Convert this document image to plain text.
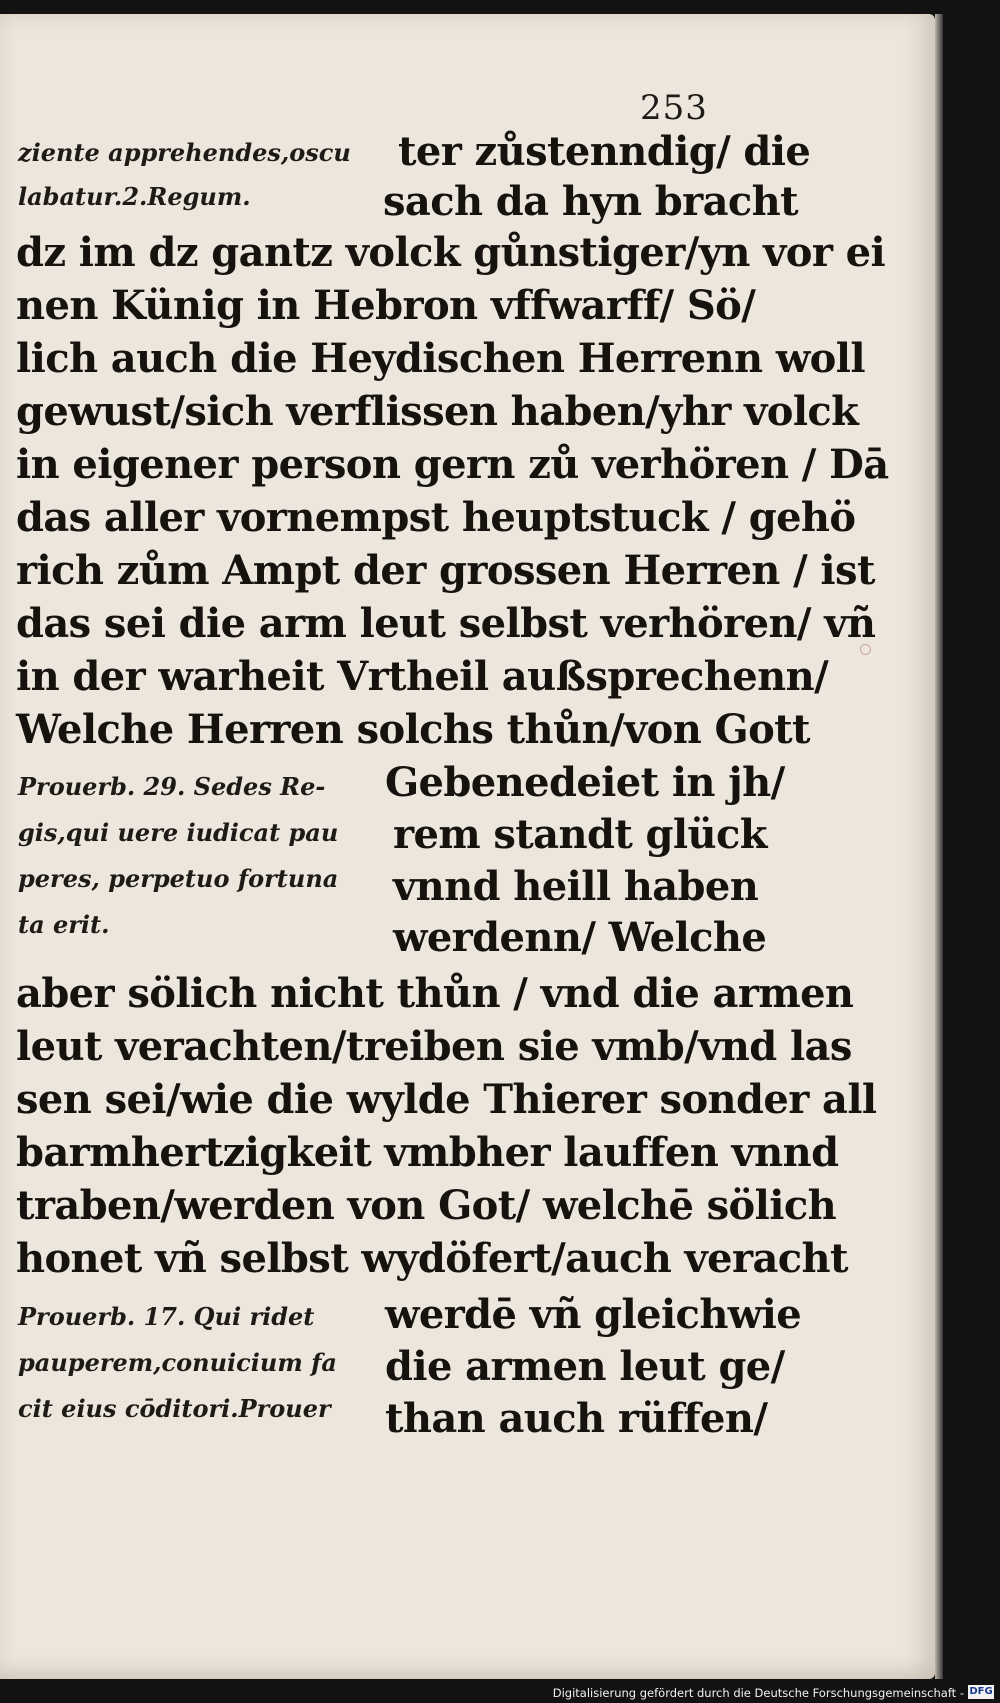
253
ziente apprehendes,oscu
labatur.2.Regum.
ter zůstenndig/ die
sach da hyn bracht
dz im dz gantz volck gůnstiger/yn vor ei
nen Künig in Hebron vffwarff/ Sö/
lich auch die Heydischen Herrenn woll
gewust/sich verflissen haben/yhr volck
in eigener person gern zů verhören / Dā
das aller vornempst heuptstuck / gehö
rich zům Ampt der grossen Herren / ist
das sei die arm leut selbst verhören/ vñ
in der warheit Vrtheil außsprechenn/
Welche Herren solchs thůn/von Gott
Prouerb. 29. Sedes Re-
gis,qui uere iudicat pau
peres, perpetuo fortuna
ta erit.
Gebenedeiet in jh/
rem standt glück
vnnd heill haben
werdenn/ Welche
aber sölich nicht thůn / vnd die armen
leut verachten/treiben sie vmb/vnd las
sen sei/wie die wylde Thierer sonder all
barmhertzigkeit vmbher lauffen vnnd
traben/werden von Got/ welchē sölich
honet vñ selbst wydöfert/auch veracht
Prouerb. 17. Qui ridet
pauperem,conuicium fa
cit eius cōditori.Prouer
werdē vñ gleichwie
die armen leut ge/
than auch rüffen/
Digitalisierung gefördert durch die Deutsche Forschungsgemeinschaft - DFG
